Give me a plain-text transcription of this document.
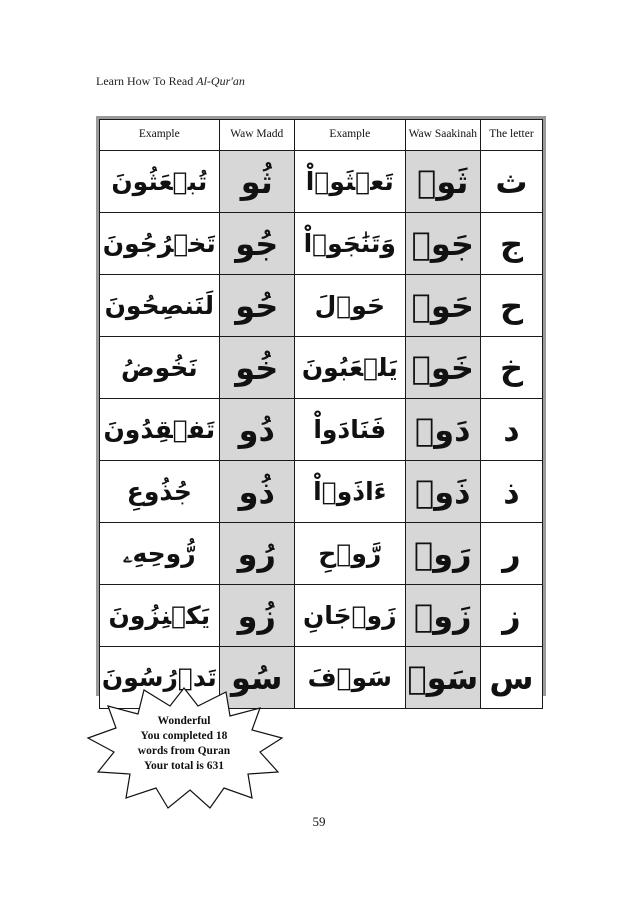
Learn How To Read Al-Qur'an
Example	Waw Madd	Example	Waw Saakinah	The letter
تُبۡعَثُونَ	ثُو	تَعۡثَوۡاْ	ثَوۡ	ث
تَخۡرُجُونَ	جُو	وَتَنَٰجَوۡاْ	جَوۡ	ج
لَنَنصِحُونَ	حُو	حَوۡلَ	حَوۡ	ح
نَخُوضُ	خُو	يَلۡعَبُونَ	خَوۡ	خ
تَفۡقِدُونَ	دُو	فَنَادَواْ	دَوۡ	د
جُذُوعِ	ذُو	ءَاذَوۡاْ	ذَوۡ	ذ
رُّوحِهِۦ	رُو	رَّوۡحِ	رَوۡ	ر
يَكۡنِزُونَ	زُو	زَوۡجَانِ	زَوۡ	ز
تَدۡرُسُونَ	سُو	سَوۡفَ	سَوۡ	س
Wonderful
You completed 18
words from Quran
Your total is 631
59
